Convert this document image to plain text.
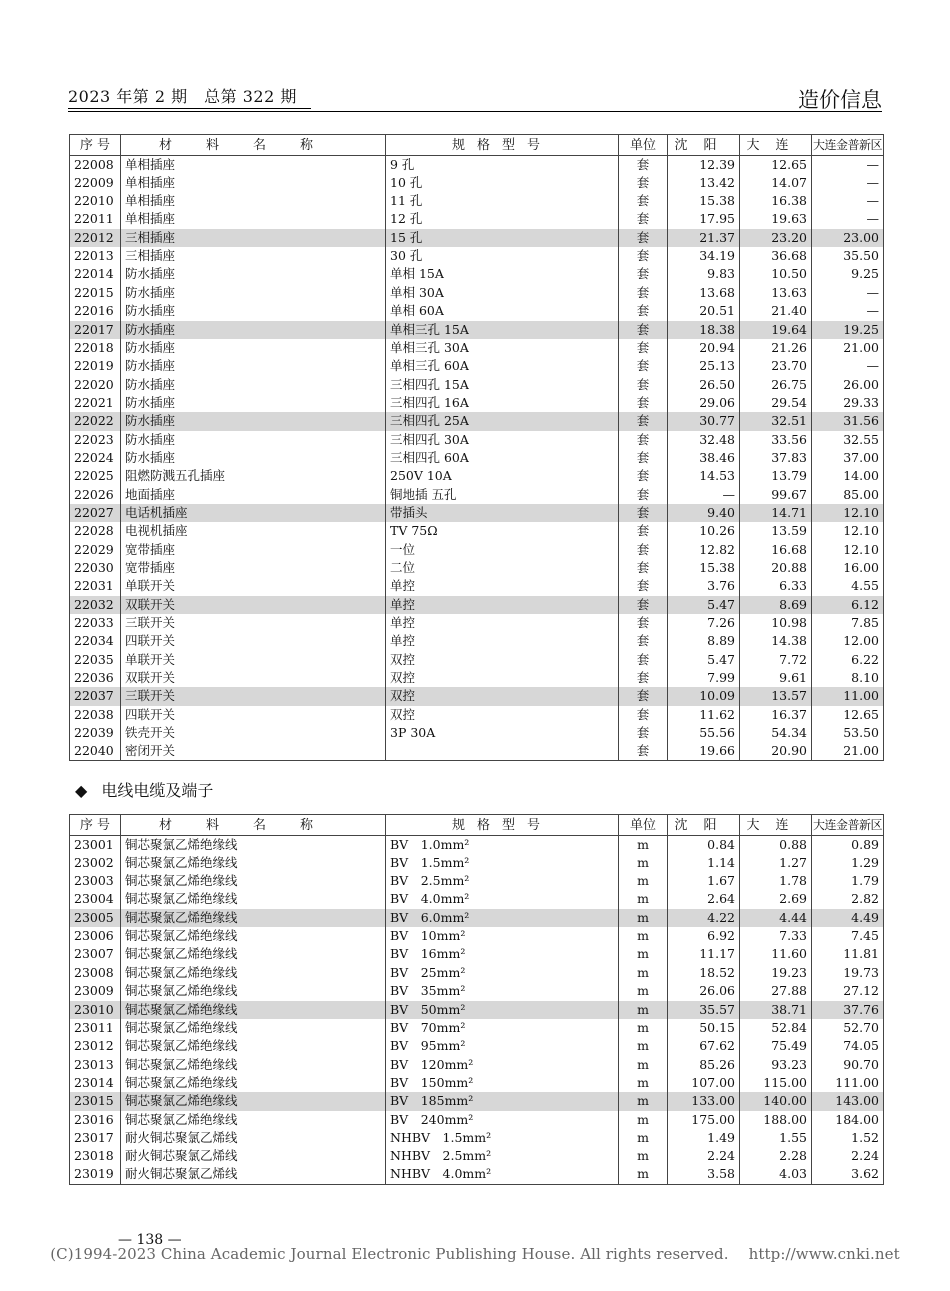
2023 年第 2 期　总第 322 期	造价信息
序 号	材料名称	规格型号	单位	沈阳	大连	大连金普新区
22008	单相插座	9 孔	套	12.39	12.65	—
22009	单相插座	10 孔	套	13.42	14.07	—
22010	单相插座	11 孔	套	15.38	16.38	—
22011	单相插座	12 孔	套	17.95	19.63	—
22012	三相插座	15 孔	套	21.37	23.20	23.00
22013	三相插座	30 孔	套	34.19	36.68	35.50
22014	防水插座	单相 15A	套	9.83	10.50	9.25
22015	防水插座	单相 30A	套	13.68	13.63	—
22016	防水插座	单相 60A	套	20.51	21.40	—
22017	防水插座	单相三孔 15A	套	18.38	19.64	19.25
22018	防水插座	单相三孔 30A	套	20.94	21.26	21.00
22019	防水插座	单相三孔 60A	套	25.13	23.70	—
22020	防水插座	三相四孔 15A	套	26.50	26.75	26.00
22021	防水插座	三相四孔 16A	套	29.06	29.54	29.33
22022	防水插座	三相四孔 25A	套	30.77	32.51	31.56
22023	防水插座	三相四孔 30A	套	32.48	33.56	32.55
22024	防水插座	三相四孔 60A	套	38.46	37.83	37.00
22025	阻燃防溅五孔插座	250V 10A	套	14.53	13.79	14.00
22026	地面插座	铜地插 五孔	套	—	99.67	85.00
22027	电话机插座	带插头	套	9.40	14.71	12.10
22028	电视机插座	TV 75Ω	套	10.26	13.59	12.10
22029	宽带插座	一位	套	12.82	16.68	12.10
22030	宽带插座	二位	套	15.38	20.88	16.00
22031	单联开关	单控	套	3.76	6.33	4.55
22032	双联开关	单控	套	5.47	8.69	6.12
22033	三联开关	单控	套	7.26	10.98	7.85
22034	四联开关	单控	套	8.89	14.38	12.00
22035	单联开关	双控	套	5.47	7.72	6.22
22036	双联开关	双控	套	7.99	9.61	8.10
22037	三联开关	双控	套	10.09	13.57	11.00
22038	四联开关	双控	套	11.62	16.37	12.65
22039	铁壳开关	3P 30A	套	55.56	54.34	53.50
22040	密闭开关		套	19.66	20.90	21.00
◆ 电线电缆及端子
序 号	材料名称	规格型号	单位	沈阳	大连	大连金普新区
23001	铜芯聚氯乙烯绝缘线	BV　1.0mm²	m	0.84	0.88	0.89
23002	铜芯聚氯乙烯绝缘线	BV　1.5mm²	m	1.14	1.27	1.29
23003	铜芯聚氯乙烯绝缘线	BV　2.5mm²	m	1.67	1.78	1.79
23004	铜芯聚氯乙烯绝缘线	BV　4.0mm²	m	2.64	2.69	2.82
23005	铜芯聚氯乙烯绝缘线	BV　6.0mm²	m	4.22	4.44	4.49
23006	铜芯聚氯乙烯绝缘线	BV　10mm²	m	6.92	7.33	7.45
23007	铜芯聚氯乙烯绝缘线	BV　16mm²	m	11.17	11.60	11.81
23008	铜芯聚氯乙烯绝缘线	BV　25mm²	m	18.52	19.23	19.73
23009	铜芯聚氯乙烯绝缘线	BV　35mm²	m	26.06	27.88	27.12
23010	铜芯聚氯乙烯绝缘线	BV　50mm²	m	35.57	38.71	37.76
23011	铜芯聚氯乙烯绝缘线	BV　70mm²	m	50.15	52.84	52.70
23012	铜芯聚氯乙烯绝缘线	BV　95mm²	m	67.62	75.49	74.05
23013	铜芯聚氯乙烯绝缘线	BV　120mm²	m	85.26	93.23	90.70
23014	铜芯聚氯乙烯绝缘线	BV　150mm²	m	107.00	115.00	111.00
23015	铜芯聚氯乙烯绝缘线	BV　185mm²	m	133.00	140.00	143.00
23016	铜芯聚氯乙烯绝缘线	BV　240mm²	m	175.00	188.00	184.00
23017	耐火铜芯聚氯乙烯线	NHBV　1.5mm²	m	1.49	1.55	1.52
23018	耐火铜芯聚氯乙烯线	NHBV　2.5mm²	m	2.24	2.28	2.24
23019	耐火铜芯聚氯乙烯线	NHBV　4.0mm²	m	3.58	4.03	3.62
— 138 —
(C)1994-2023 China Academic Journal Electronic Publishing House. All rights reserved.　 http://www.cnki.net
